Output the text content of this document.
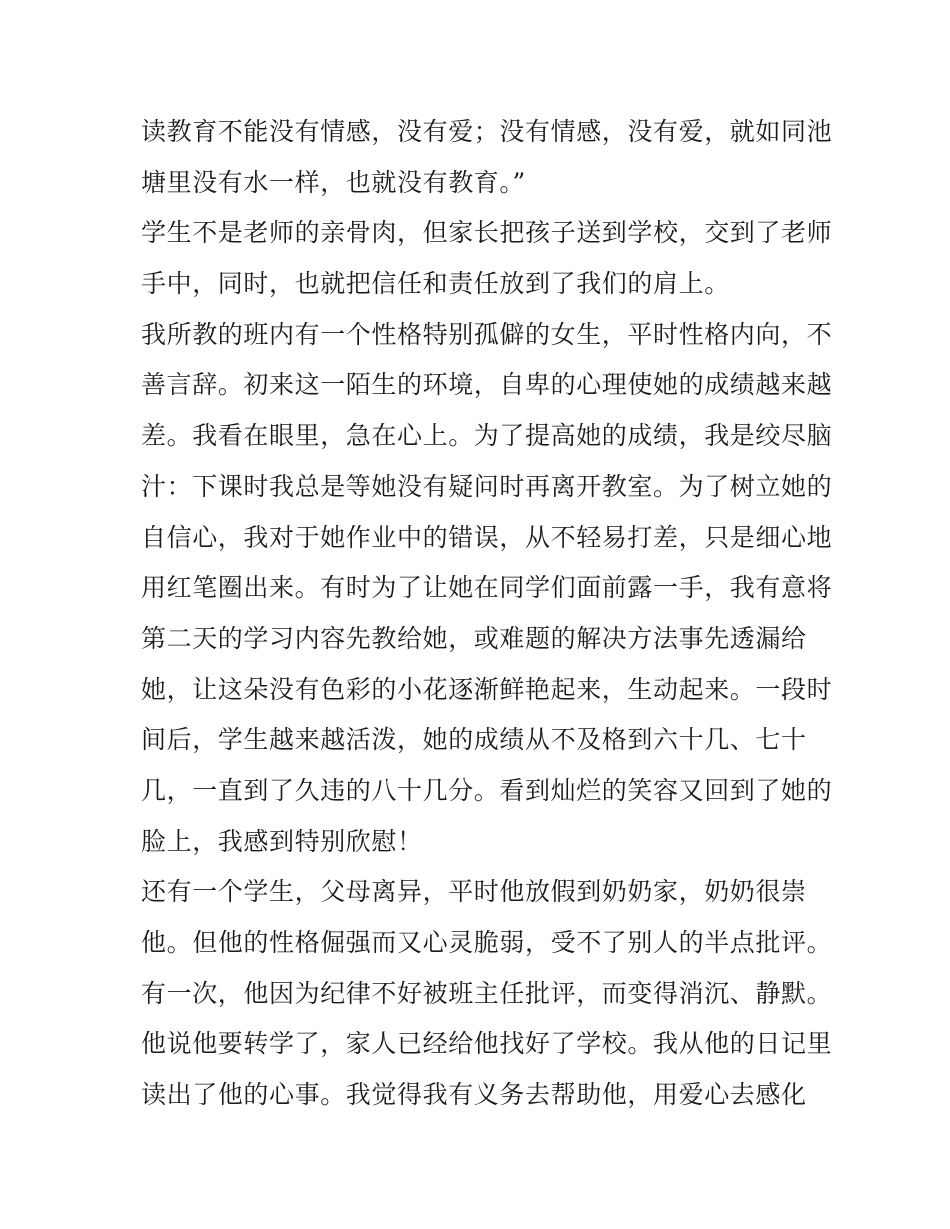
读教育不能没有情感，没有爱；没有情感，没有爱，就如同池
塘里没有水一样，也就没有教育。”
学生不是老师的亲骨肉，但家长把孩子送到学校，交到了老师
手中，同时，也就把信任和责任放到了我们的肩上。
我所教的班内有一个性格特别孤僻的女生，平时性格内向，不
善言辞。初来这一陌生的环境，自卑的心理使她的成绩越来越
差。我看在眼里，急在心上。为了提高她的成绩，我是绞尽脑
汁：下课时我总是等她没有疑问时再离开教室。为了树立她的
自信心，我对于她作业中的错误，从不轻易打差，只是细心地
用红笔圈出来。有时为了让她在同学们面前露一手，我有意将
第二天的学习内容先教给她，或难题的解决方法事先透漏给
她，让这朵没有色彩的小花逐渐鲜艳起来，生动起来。一段时
间后，学生越来越活泼，她的成绩从不及格到六十几、七十
几，一直到了久违的八十几分。看到灿烂的笑容又回到了她的
脸上，我感到特别欣慰！
还有一个学生，父母离异，平时他放假到奶奶家，奶奶很崇
他。但他的性格倔强而又心灵脆弱，受不了别人的半点批评。
有一次，他因为纪律不好被班主任批评，而变得消沉、静默。
他说他要转学了，家人已经给他找好了学校。我从他的日记里
读出了他的心事。我觉得我有义务去帮助他，用爱心去感化
